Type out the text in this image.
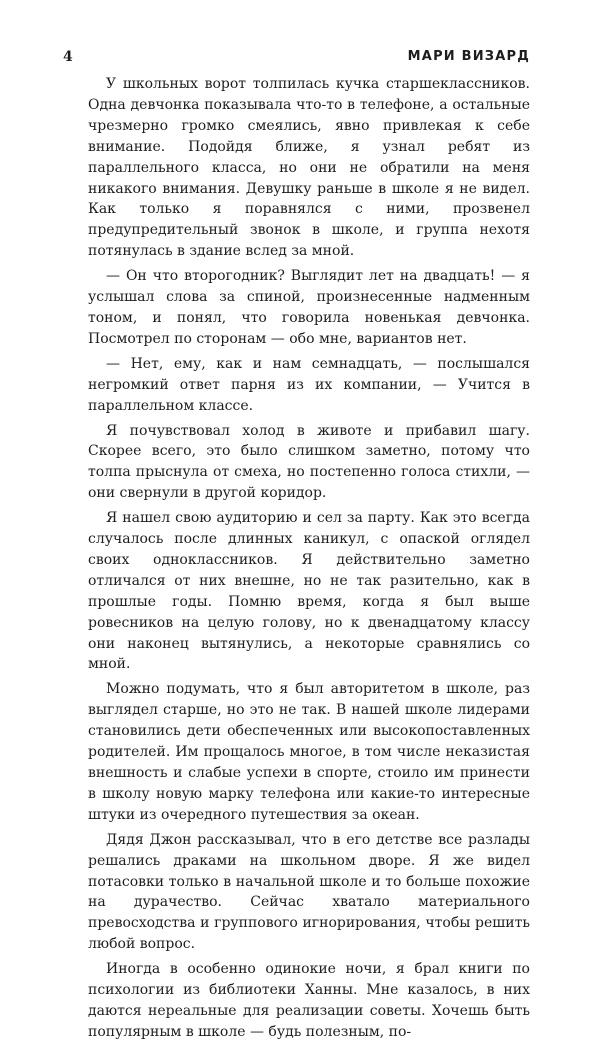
4	МАРИ ВИЗАРД

У школьных ворот толпилась кучка старшеклассников. Одна девчонка показывала что-то в телефоне, а остальные чрезмерно громко смеялись, явно привлекая к себе внимание. Подойдя ближе, я узнал ребят из параллельного класса, но они не обратили на меня никакого внимания. Девушку раньше в школе я не видел. Как только я поравнялся с ними, прозвенел предупредительный звонок в школе, и группа нехотя потянулась в здание вслед за мной.

— Он что второгодник? Выглядит лет на двадцать! — я услышал слова за спиной, произнесенные надменным тоном, и понял, что говорила новенькая девчонка. Посмотрел по сторонам — обо мне, вариантов нет.

— Нет, ему, как и нам семнадцать, — послышался негромкий ответ парня из их компании, — Учится в параллельном классе.

Я почувствовал холод в животе и прибавил шагу. Скорее всего, это было слишком заметно, потому что толпа прыснула от смеха, но постепенно голоса стихли, — они свернули в другой коридор.

Я нашел свою аудиторию и сел за парту. Как это всегда случалось после длинных каникул, с опаской оглядел своих одноклассников. Я действительно заметно отличался от них внешне, но не так разительно, как в прошлые годы. Помню время, когда я был выше ровесников на целую голову, но к двенадцатому классу они наконец вытянулись, а некоторые сравнялись со мной.

Можно подумать, что я был авторитетом в школе, раз выглядел старше, но это не так. В нашей школе лидерами становились дети обеспеченных или высокопоставленных родителей. Им прощалось многое, в том числе неказистая внешность и слабые успехи в спорте, стоило им принести в школу новую марку телефона или какие-то интересные штуки из очередного путешествия за океан.

Дядя Джон рассказывал, что в его детстве все разлады решались драками на школьном дворе. Я же видел потасовки только в начальной школе и то больше похожие на дурачество. Сейчас хватало материального превосходства и группового игнорирования, чтобы решить любой вопрос.

Иногда в особенно одинокие ночи, я брал книги по психологии из библиотеки Ханны. Мне казалось, в них даются нереальные для реализации советы. Хочешь быть популярным в школе — будь полезным, по-
